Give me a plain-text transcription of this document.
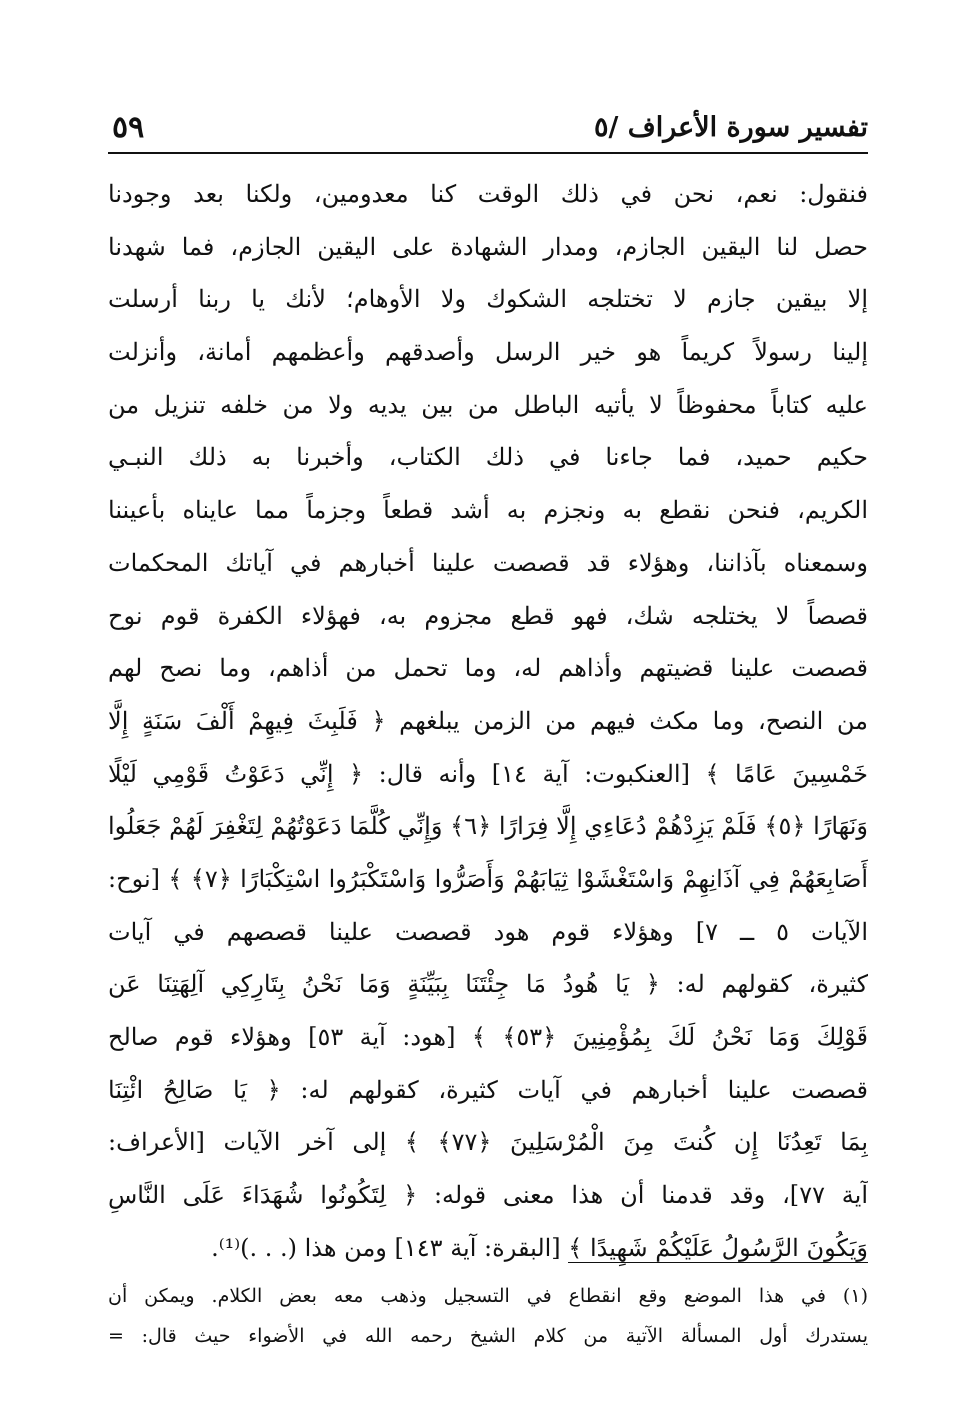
تفسير سورة الأعراف /٥
٥٩
فنقول: نعم، نحن في ذلك الوقت كنا معدومين، ولكنا بعد وجودنا
حصل لنا اليقين الجازم، ومدار الشهادة على اليقين الجازم، فما شهدنا
إلا بيقين جازم لا تختلجه الشكوك ولا الأوهام؛ لأنك يا ربنا أرسلت
إلينا رسولاً كريماً هو خير الرسل وأصدقهم وأعظمهم أمانة، وأنزلت
عليه كتاباً محفوظاً لا يأتيه الباطل من بين يديه ولا من خلفه تنزيل من
حكيم حميد، فما جاءنا في ذلك الكتاب، وأخبرنا به ذلك النبـي
الكريم، فنحن نقطع به ونجزم به أشد قطعاً وجزماً مما عايناه بأعيننا
وسمعناه بآذاننا، وهؤلاء قد قصصت علينا أخبارهم في آياتك المحكمات
قصصاً لا يختلجه شك، فهو قطع مجزوم به، فهؤلاء الكفرة قوم نوح
قصصت علينا قضيتهم وأذاهم له، وما تحمل من أذاهم، وما نصح لهم
من النصح، وما مكث فيهم من الزمن يبلغهم ﴿ فَلَبِثَ فِيهِمْ أَلْفَ سَنَةٍ إِلَّا
خَمْسِينَ عَامًا ﴾ [العنكبوت: آية ١٤] وأنه قال: ﴿ إِنِّي دَعَوْتُ قَوْمِي لَيْلًا
وَنَهَارًا ﴿٥﴾ فَلَمْ يَزِدْهُمْ دُعَاءِي إِلَّا فِرَارًا ﴿٦﴾ وَإِنِّي كُلَّمَا دَعَوْتُهُمْ لِتَغْفِرَ لَهُمْ جَعَلُوا
أَصَابِعَهُمْ فِي آذَانِهِمْ وَاسْتَغْشَوْا ثِيَابَهُمْ وَأَصَرُّوا وَاسْتَكْبَرُوا اسْتِكْبَارًا ﴿٧﴾ ﴾ [نوح:
الآيات ٥ ــ ٧] وهؤلاء قوم هود قصصت علينا قصصهم في آيات
كثيرة، كقولهم له: ﴿ يَا هُودُ مَا جِئْتَنَا بِبَيِّنَةٍ وَمَا نَحْنُ بِتَارِكِي آلِهَتِنَا عَن
قَوْلِكَ وَمَا نَحْنُ لَكَ بِمُؤْمِنِينَ ﴿٥٣﴾ ﴾ [هود: آية ٥٣] وهؤلاء قوم صالح
قصصت علينا أخبارهم في آيات كثيرة، كقولهم له: ﴿ يَا صَالِحُ ائْتِنَا
بِمَا تَعِدُنَا إِن كُنتَ مِنَ الْمُرْسَلِينَ ﴿٧٧﴾ ﴾ إلى آخر الآيات [الأعراف:
آية ٧٧]، وقد قدمنا أن هذا معنى قوله: ﴿ لِتَكُونُوا شُهَدَاءَ عَلَى النَّاسِ
وَيَكُونَ الرَّسُولُ عَلَيْكُمْ شَهِيدًا ﴾ [البقرة: آية ١٤٣] ومن هذا (. . .)⁽¹⁾.
(١) في هذا الموضع وقع انقطاع في التسجيل وذهب معه بعض الكلام. ويمكن أن
يستدرك أول المسألة الآتية من كلام الشيخ رحمه الله في الأضواء حيث قال: =
